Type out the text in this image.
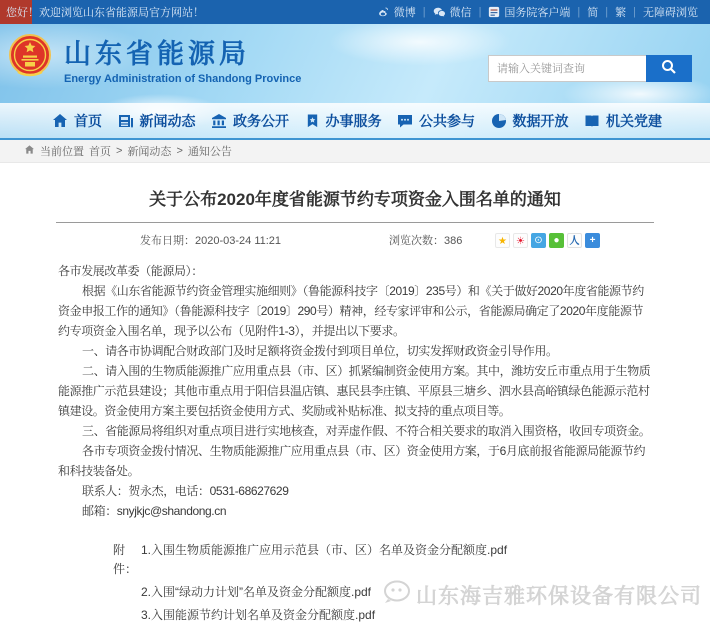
您好！欢迎浏览山东省能源局官方网站！	微博 | 微信 | 国务院客户端 | 简 | 繁 | 无障碍浏览
山东省能源局
Energy Administration of Shandong Province
请输入关键词查询
首页	新闻动态	政务公开	办事服务	公共参与	数据开放	机关党建
当前位置 首页 > 新闻动态 > 通知公告
关于公布2020年度省能源节约专项资金入围名单的通知
发布日期：2020-03-24 11:21	浏览次数：386	★ ☀ ⊙	● 人	+

各市发展改革委（能源局）：

根据《山东省能源节约资金管理实施细则》（鲁能源科技字〔2019〕235号）和《关于做好2020年度省能源节约资金申报工作的通知》（鲁能源科技字〔2019〕290号）精神，经专家评审和公示，省能源局确定了2020年度能源节约专项资金入围名单，现予以公布（见附件1-3），并提出以下要求。

一、请各市协调配合财政部门及时足额将资金拨付到项目单位，切实发挥财政资金引导作用。

二、请入围的生物质能源推广应用重点县（市、区）抓紧编制资金使用方案。其中，潍坊安丘市重点用于生物质能源推广示范县建设；其他市重点用于阳信县温店镇、惠民县李庄镇、平原县三塘乡、泗水县高峪镇绿色能源示范村镇建设。资金使用方案主要包括资金使用方式、奖励或补贴标准、拟支持的重点项目等。

三、省能源局将组织对重点项目进行实地核查，对弄虚作假、不符合相关要求的取消入围资格，收回专项资金。

各市专项资金拨付情况、生物质能源推广应用重点县（市、区）资金使用方案，于6月底前报省能源局能源节约和科技装备处。

联系人：贺永杰，电话：0531-68627629

邮箱：snyjkjc@shandong.cn

附件：
1.入围生物质能源推广应用示范县（市、区）名单及资金分配额度.pdf
2.入围“绿动力计划”名单及资金分配额度.pdf
3.入围能源节约计划名单及资金分配额度.pdf
山东海吉雅环保设备有限公司
